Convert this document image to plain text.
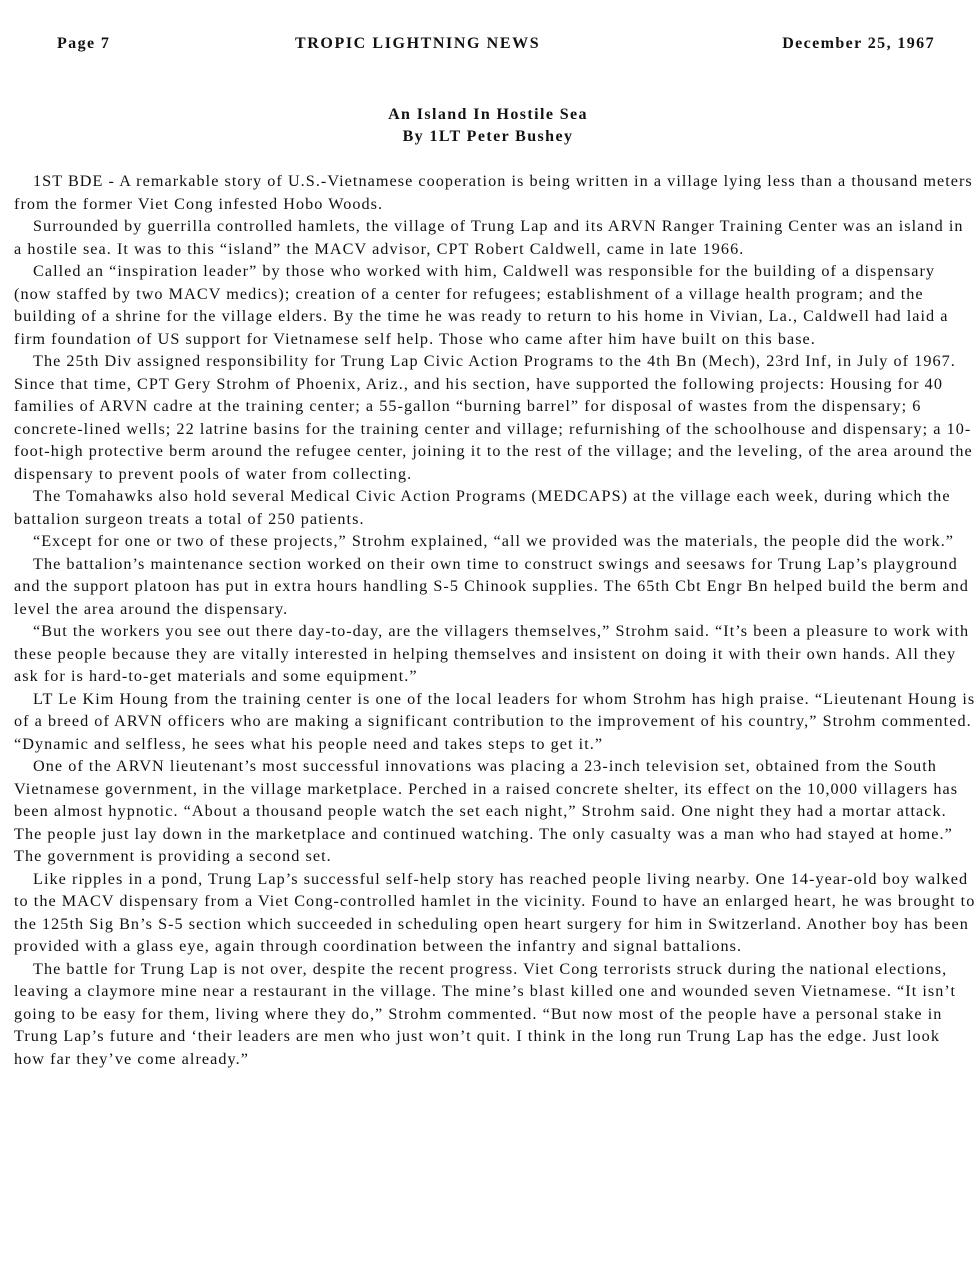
Page 7	TROPIC LIGHTNING NEWS	December 25, 1967
An Island In Hostile Sea
By 1LT Peter Bushey

1ST BDE - A remarkable story of U.S.-Vietnamese cooperation is being written in a village lying less than a thousand meters from the former Viet Cong infested Hobo Woods.

Surrounded by guerrilla controlled hamlets, the village of Trung Lap and its ARVN Ranger Training Center was an island in a hostile sea. It was to this “island” the MACV advisor, CPT Robert Caldwell, came in late 1966.

Called an “inspiration leader” by those who worked with him, Caldwell was responsible for the building of a dispensary (now staffed by two MACV medics); creation of a center for refugees; establishment of a village health program; and the building of a shrine for the village elders. By the time he was ready to return to his home in Vivian, La., Caldwell had laid a firm foundation of US support for Vietnamese self help. Those who came after him have built on this base.

The 25th Div assigned responsibility for Trung Lap Civic Action Programs to the 4th Bn (Mech), 23rd Inf, in July of 1967. Since that time, CPT Gery Strohm of Phoenix, Ariz., and his section, have supported the following projects: Housing for 40 families of ARVN cadre at the training center; a 55-gallon “burning barrel” for disposal of wastes from the dispensary; 6 concrete-lined wells; 22 latrine basins for the training center and village; refurnishing of the schoolhouse and dispensary; a 10-foot-high protective berm around the refugee center, joining it to the rest of the village; and the leveling, of the area around the dispensary to prevent pools of water from collecting.

The Tomahawks also hold several Medical Civic Action Programs (MEDCAPS) at the village each week, during which the battalion surgeon treats a total of 250 patients.

“Except for one or two of these projects,” Strohm explained, “all we provided was the materials, the people did the work.”

The battalion’s maintenance section worked on their own time to construct swings and seesaws for Trung Lap’s playground and the support platoon has put in extra hours handling S-5 Chinook supplies. The 65th Cbt Engr Bn helped build the berm and level the area around the dispensary.

“But the workers you see out there day-to-day, are the villagers themselves,” Strohm said. “It’s been a pleasure to work with these people because they are vitally interested in helping themselves and insistent on doing it with their own hands. All they ask for is hard-to-get materials and some equipment.”

LT Le Kim Houng from the training center is one of the local leaders for whom Strohm has high praise. “Lieutenant Houng is of a breed of ARVN officers who are making a significant contribution to the improvement of his country,” Strohm commented. “Dynamic and selfless, he sees what his people need and takes steps to get it.”

One of the ARVN lieutenant’s most successful innovations was placing a 23-inch television set, obtained from the South Vietnamese government, in the village marketplace. Perched in a raised concrete shelter, its effect on the 10,000 villagers has been almost hypnotic. “About a thousand people watch the set each night,” Strohm said. One night they had a mortar attack. The people just lay down in the marketplace and continued watching. The only casualty was a man who had stayed at home.” The government is providing a second set.

Like ripples in a pond, Trung Lap’s successful self-help story has reached people living nearby. One 14-year-old boy walked to the MACV dispensary from a Viet Cong-controlled hamlet in the vicinity. Found to have an enlarged heart, he was brought to the 125th Sig Bn’s S-5 section which succeeded in scheduling open heart surgery for him in Switzerland. Another boy has been provided with a glass eye, again through coordination between the infantry and signal battalions.

The battle for Trung Lap is not over, despite the recent progress. Viet Cong terrorists struck during the national elections, leaving a claymore mine near a restaurant in the village. The mine’s blast killed one and wounded seven Vietnamese. “It isn’t going to be easy for them, living where they do,” Strohm commented. “But now most of the people have a personal stake in Trung Lap’s future and ‘their leaders are men who just won’t quit. I think in the long run Trung Lap has the edge. Just look how far they’ve come already.”
